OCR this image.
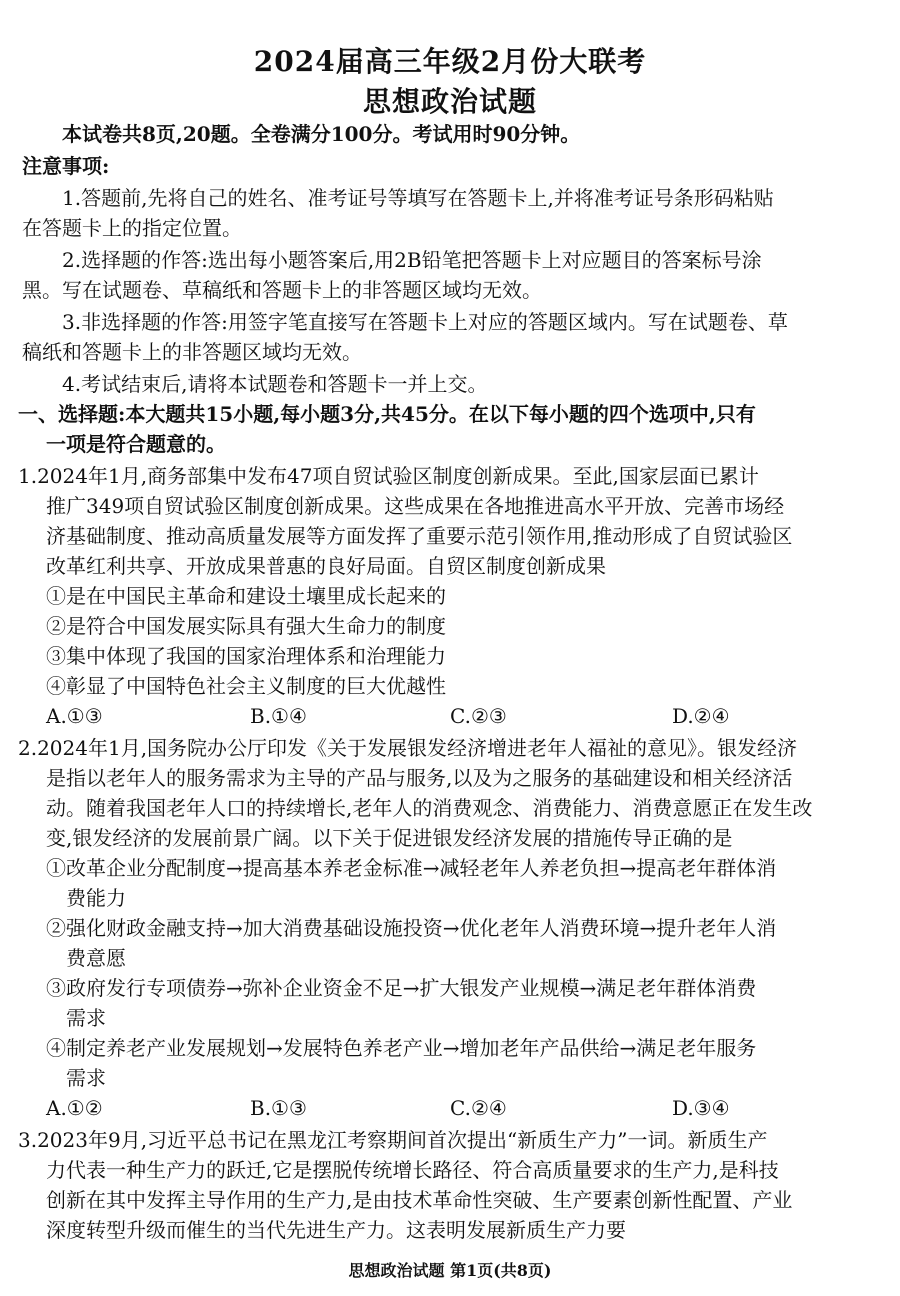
2024届高三年级2月份大联考
思想政治试题
本试卷共8页,20题。全卷满分100分。考试用时90分钟。
注意事项:
1.答题前,先将自己的姓名、准考证号等填写在答题卡上,并将准考证号条形码粘贴
在答题卡上的指定位置。
2.选择题的作答:选出每小题答案后,用2B铅笔把答题卡上对应题目的答案标号涂
黑。写在试题卷、草稿纸和答题卡上的非答题区域均无效。
3.非选择题的作答:用签字笔直接写在答题卡上对应的答题区域内。写在试题卷、草
稿纸和答题卡上的非答题区域均无效。
4.考试结束后,请将本试题卷和答题卡一并上交。
一、选择题:本大题共15小题,每小题3分,共45分。在以下每小题的四个选项中,只有
一项是符合题意的。
1.2024年1月,商务部集中发布47项自贸试验区制度创新成果。至此,国家层面已累计
推广349项自贸试验区制度创新成果。这些成果在各地推进高水平开放、完善市场经
济基础制度、推动高质量发展等方面发挥了重要示范引领作用,推动形成了自贸试验区
改革红利共享、开放成果普惠的良好局面。自贸区制度创新成果
①是在中国民主革命和建设土壤里成长起来的
②是符合中国发展实际具有强大生命力的制度
③集中体现了我国的国家治理体系和治理能力
④彰显了中国特色社会主义制度的巨大优越性
A.①③	B.①④	C.②③	D.②④
2.2024年1月,国务院办公厅印发《关于发展银发经济增进老年人福祉的意见》。银发经济
是指以老年人的服务需求为主导的产品与服务,以及为之服务的基础建设和相关经济活
动。随着我国老年人口的持续增长,老年人的消费观念、消费能力、消费意愿正在发生改
变,银发经济的发展前景广阔。以下关于促进银发经济发展的措施传导正确的是
①改革企业分配制度→提高基本养老金标准→减轻老年人养老负担→提高老年群体消
费能力
②强化财政金融支持→加大消费基础设施投资→优化老年人消费环境→提升老年人消
费意愿
③政府发行专项债券→弥补企业资金不足→扩大银发产业规模→满足老年群体消费
需求
④制定养老产业发展规划→发展特色养老产业→增加老年产品供给→满足老年服务
需求
A.①②	B.①③	C.②④	D.③④
3.2023年9月,习近平总书记在黑龙江考察期间首次提出“新质生产力”一词。新质生产
力代表一种生产力的跃迁,它是摆脱传统增长路径、符合高质量要求的生产力,是科技
创新在其中发挥主导作用的生产力,是由技术革命性突破、生产要素创新性配置、产业
深度转型升级而催生的当代先进生产力。这表明发展新质生产力要
思想政治试题 第1页(共8页)
